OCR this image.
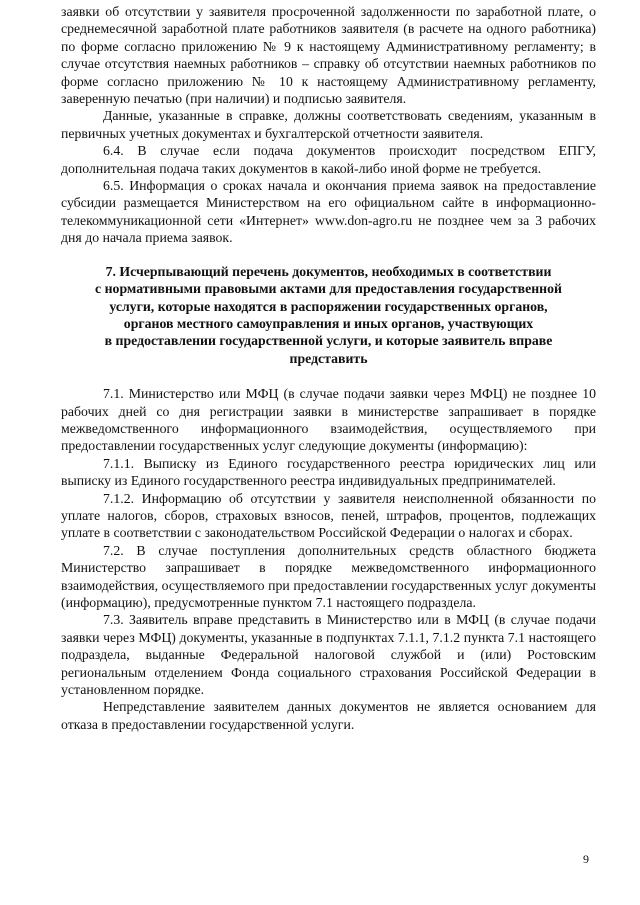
заявки об отсутствии у заявителя просроченной задолженности по заработной плате, о среднемесячной заработной плате работников заявителя (в расчете на одного работника) по форме согласно приложению № 9 к настоящему Административному регламенту; в случае отсутствия наемных работников – справку об отсутствии наемных работников по форме согласно приложению № 10 к настоящему Административному регламенту, заверенную печатью (при наличии) и подписью заявителя.

Данные, указанные в справке, должны соответствовать сведениям, указанным в первичных учетных документах и бухгалтерской отчетности заявителя.

6.4. В случае если подача документов происходит посредством ЕПГУ, дополнительная подача таких документов в какой-либо иной форме не требуется.

6.5. Информация о сроках начала и окончания приема заявок на предоставление субсидии размещается Министерством на его официальном сайте в информационно-телекоммуникационной сети «Интернет» www.don-agro.ru не позднее чем за 3 рабочих дня до начала приема заявок.

7. Исчерпывающий перечень документов, необходимых в соответствии
с нормативными правовыми актами для предоставления государственной
услуги, которые находятся в распоряжении государственных органов,
органов местного самоуправления и иных органов, участвующих
в предоставлении государственной услуги, и которые заявитель вправе
представить

7.1. Министерство или МФЦ (в случае подачи заявки через МФЦ) не позднее 10 рабочих дней со дня регистрации заявки в министерстве запрашивает в порядке межведомственного информационного взаимодействия, осуществляемого при предоставлении государственных услуг следующие документы (информацию):

7.1.1. Выписку из Единого государственного реестра юридических лиц или выписку из Единого государственного реестра индивидуальных предпринимателей.

7.1.2. Информацию об отсутствии у заявителя неисполненной обязанности по уплате налогов, сборов, страховых взносов, пеней, штрафов, процентов, подлежащих уплате в соответствии с законодательством Российской Федерации о налогах и сборах.

7.2. В случае поступления дополнительных средств областного бюджета Министерство запрашивает в порядке межведомственного информационного взаимодействия, осуществляемого при предоставлении государственных услуг документы (информацию), предусмотренные пунктом 7.1 настоящего подраздела.

7.3. Заявитель вправе представить в Министерство или в МФЦ (в случае подачи заявки через МФЦ) документы, указанные в подпунктах 7.1.1, 7.1.2 пункта 7.1 настоящего подраздела, выданные Федеральной налоговой службой и (или) Ростовским региональным отделением Фонда социального страхования Российской Федерации в установленном порядке.

Непредставление заявителем данных документов не является основанием для отказа в предоставлении государственной услуги.

9
